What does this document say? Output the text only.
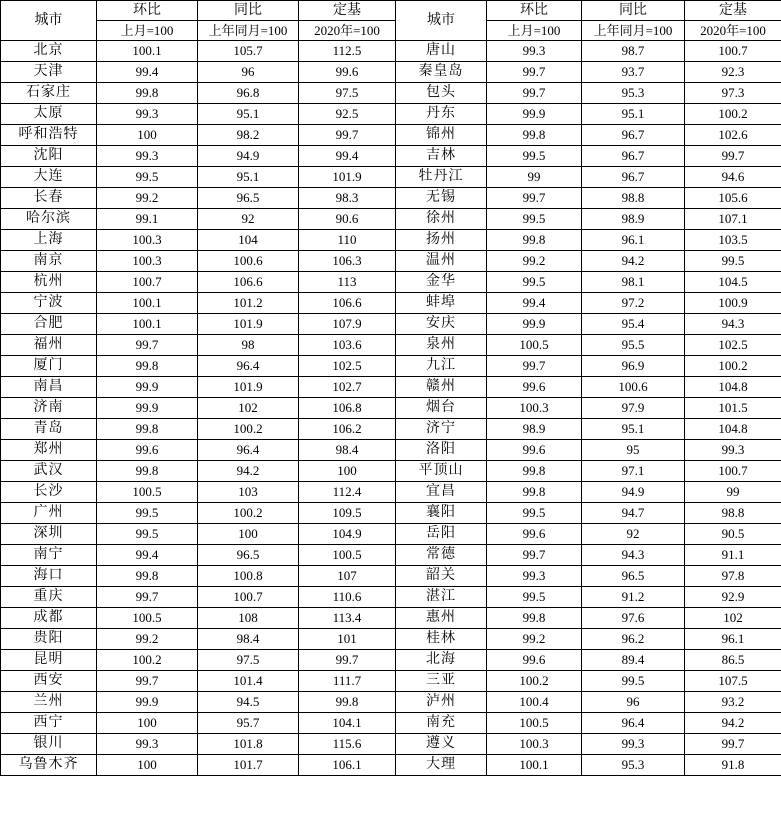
城市	环比	同比	定基	城市	环比	同比	定基
	上月=100	上年同月=100	2020年=100		上月=100	上年同月=100	2020年=100
北京	100.1	105.7	112.5	唐山	99.3	98.7	100.7
天津	99.4	96	99.6	秦皇岛	99.7	93.7	92.3
石家庄	99.8	96.8	97.5	包头	99.7	95.3	97.3
太原	99.3	95.1	92.5	丹东	99.9	95.1	100.2
呼和浩特	100	98.2	99.7	锦州	99.8	96.7	102.6
沈阳	99.3	94.9	99.4	吉林	99.5	96.7	99.7
大连	99.5	95.1	101.9	牡丹江	99	96.7	94.6
长春	99.2	96.5	98.3	无锡	99.7	98.8	105.6
哈尔滨	99.1	92	90.6	徐州	99.5	98.9	107.1
上海	100.3	104	110	扬州	99.8	96.1	103.5
南京	100.3	100.6	106.3	温州	99.2	94.2	99.5
杭州	100.7	106.6	113	金华	99.5	98.1	104.5
宁波	100.1	101.2	106.6	蚌埠	99.4	97.2	100.9
合肥	100.1	101.9	107.9	安庆	99.9	95.4	94.3
福州	99.7	98	103.6	泉州	100.5	95.5	102.5
厦门	99.8	96.4	102.5	九江	99.7	96.9	100.2
南昌	99.9	101.9	102.7	赣州	99.6	100.6	104.8
济南	99.9	102	106.8	烟台	100.3	97.9	101.5
青岛	99.8	100.2	106.2	济宁	98.9	95.1	104.8
郑州	99.6	96.4	98.4	洛阳	99.6	95	99.3
武汉	99.8	94.2	100	平顶山	99.8	97.1	100.7
长沙	100.5	103	112.4	宜昌	99.8	94.9	99
广州	99.5	100.2	109.5	襄阳	99.5	94.7	98.8
深圳	99.5	100	104.9	岳阳	99.6	92	90.5
南宁	99.4	96.5	100.5	常德	99.7	94.3	91.1
海口	99.8	100.8	107	韶关	99.3	96.5	97.8
重庆	99.7	100.7	110.6	湛江	99.5	91.2	92.9
成都	100.5	108	113.4	惠州	99.8	97.6	102
贵阳	99.2	98.4	101	桂林	99.2	96.2	96.1
昆明	100.2	97.5	99.7	北海	99.6	89.4	86.5
西安	99.7	101.4	111.7	三亚	100.2	99.5	107.5
兰州	99.9	94.5	99.8	泸州	100.4	96	93.2
西宁	100	95.7	104.1	南充	100.5	96.4	94.2
银川	99.3	101.8	115.6	遵义	100.3	99.3	99.7
乌鲁木齐	100	101.7	106.1	大理	100.1	95.3	91.8
